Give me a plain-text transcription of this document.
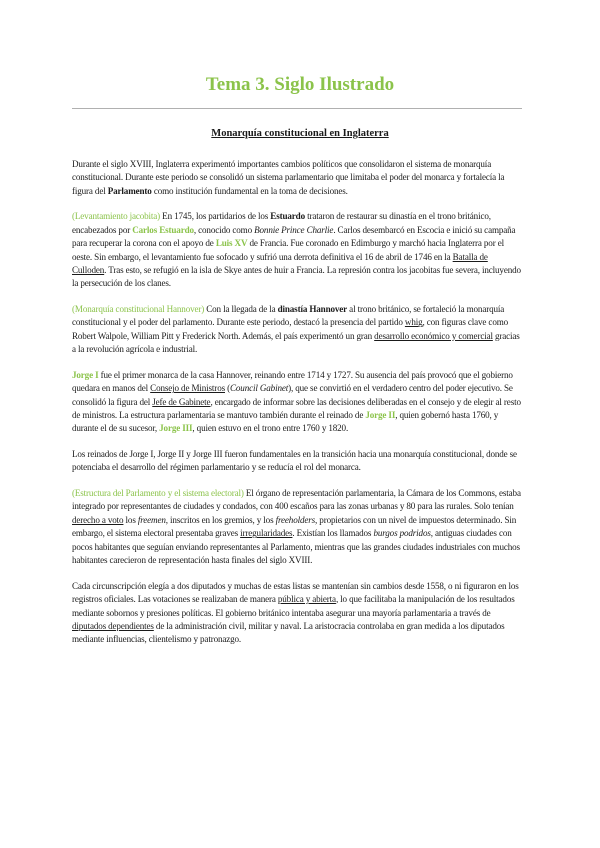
Tema 3. Siglo Ilustrado
Monarquía constitucional en Inglaterra

Durante el siglo XVIII, Inglaterra experimentó importantes cambios políticos que consolidaron el sistema de monarquía constitucional. Durante este periodo se consolidó un sistema parlamentario que limitaba el poder del monarca y fortalecía la figura del Parlamento como institución fundamental en la toma de decisiones.

(Levantamiento jacobita) En 1745, los partidarios de los Estuardo trataron de restaurar su dinastía en el trono británico, encabezados por Carlos Estuardo, conocido como Bonnie Prince Charlie. Carlos desembarcó en Escocia e inició su campaña para recuperar la corona con el apoyo de Luis XV de Francia. Fue coronado en Edimburgo y marchó hacia Inglaterra por el oeste. Sin embargo, el levantamiento fue sofocado y sufrió una derrota definitiva el 16 de abril de 1746 en la Batalla de Culloden. Tras esto, se refugió en la isla de Skye antes de huir a Francia. La represión contra los jacobitas fue severa, incluyendo la persecución de los clanes.

(Monarquía constitucional Hannover) Con la llegada de la dinastía Hannover al trono británico, se fortaleció la monarquía constitucional y el poder del parlamento. Durante este periodo, destacó la presencia del partido whig, con figuras clave como Robert Walpole, William Pitt y Frederick North. Además, el país experimentó un gran desarrollo económico y comercial gracias a la revolución agrícola e industrial.

Jorge I fue el primer monarca de la casa Hannover, reinando entre 1714 y 1727. Su ausencia del país provocó que el gobierno quedara en manos del Consejo de Ministros (Council Gabinet), que se convirtió en el verdadero centro del poder ejecutivo. Se consolidó la figura del Jefe de Gabinete, encargado de informar sobre las decisiones deliberadas en el consejo y de elegir al resto de ministros. La estructura parlamentaria se mantuvo también durante el reinado de Jorge II, quien gobernó hasta 1760, y durante el de su sucesor, Jorge III, quien estuvo en el trono entre 1760 y 1820.

Los reinados de Jorge I, Jorge II y Jorge III fueron fundamentales en la transición hacia una monarquía constitucional, donde se potenciaba el desarrollo del régimen parlamentario y se reducía el rol del monarca.

(Estructura del Parlamento y el sistema electoral) El órgano de representación parlamentaria, la Cámara de los Commons, estaba integrado por representantes de ciudades y condados, con 400 escaños para las zonas urbanas y 80 para las rurales. Solo tenían derecho a voto los freemen, inscritos en los gremios, y los freeholders, propietarios con un nivel de impuestos determinado. Sin embargo, el sistema electoral presentaba graves irregularidades. Existían los llamados burgos podridos, antiguas ciudades con pocos habitantes que seguían enviando representantes al Parlamento, mientras que las grandes ciudades industriales con muchos habitantes carecieron de representación hasta finales del siglo XVIII.

Cada circunscripción elegía a dos diputados y muchas de estas listas se mantenían sin cambios desde 1558, o ni figuraron en los registros oficiales. Las votaciones se realizaban de manera pública y abierta, lo que facilitaba la manipulación de los resultados mediante sobornos y presiones políticas. El gobierno británico intentaba asegurar una mayoría parlamentaria a través de diputados dependientes de la administración civil, militar y naval. La aristocracia controlaba en gran medida a los diputados mediante influencias, clientelismo y patronazgo.
